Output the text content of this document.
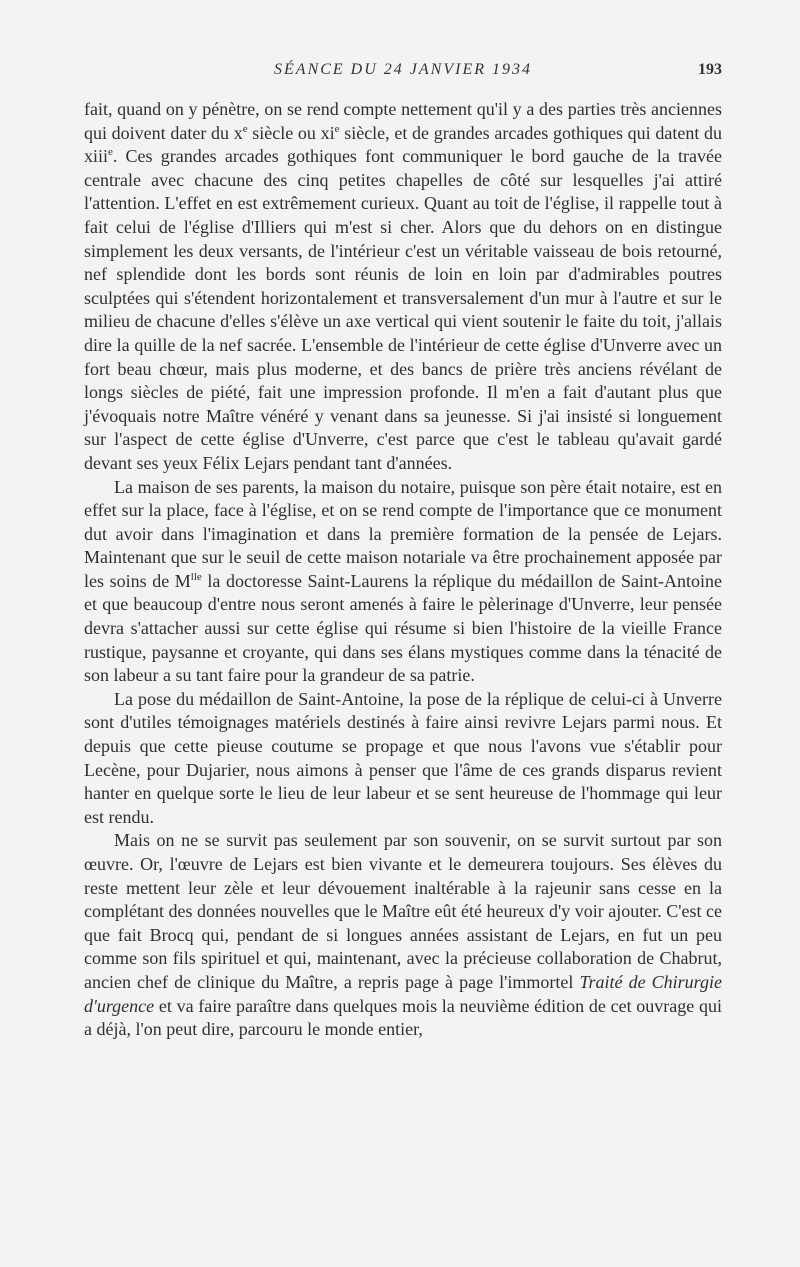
SÉANCE DU 24 JANVIER 1934	193

fait, quand on y pénètre, on se rend compte nettement qu'il y a des parties très anciennes qui doivent dater du $x^e$ siècle ou $xi^e$ siècle, et de grandes arcades gothiques qui datent du xiii$^e$. Ces grandes arcades gothiques font communiquer le bord gauche de la travée centrale avec chacune des cinq petites chapelles de côté sur lesquelles j'ai attiré l'attention. L'effet en est extrêmement curieux. Quant au toit de l'église, il rappelle tout à fait celui de l'église d'Illiers qui m'est si cher. Alors que du dehors on en distingue simplement les deux versants, de l'intérieur c'est un véritable vaisseau de bois retourné, nef splendide dont les bords sont réunis de loin en loin par d'admirables poutres sculptées qui s'étendent horizontalement et transversalement d'un mur à l'autre et sur le milieu de chacune d'elles s'élève un axe vertical qui vient soutenir le faite du toit, j'allais dire la quille de la nef sacrée. L'ensemble de l'intérieur de cette église d'Unverre avec un fort beau chœur, mais plus moderne, et des bancs de prière très anciens révélant de longs siècles de piété, fait une impression profonde. Il m'en a fait d'autant plus que j'évoquais notre Maître vénéré y venant dans sa jeunesse. Si j'ai insisté si longuement sur l'aspect de cette église d'Unverre, c'est parce que c'est le tableau qu'avait gardé devant ses yeux Félix Lejars pendant tant d'années.

La maison de ses parents, la maison du notaire, puisque son père était notaire, est en effet sur la place, face à l'église, et on se rend compte de l'importance que ce monument dut avoir dans l'imagination et dans la première formation de la pensée de Lejars. Maintenant que sur le seuil de cette maison notariale va être prochainement apposée par les soins de $M^{lle}$ la doctoresse Saint-Laurens la réplique du médaillon de Saint-Antoine et que beaucoup d'entre nous seront amenés à faire le pèlerinage d'Unverre, leur pensée devra s'attacher aussi sur cette église qui résume si bien l'histoire de la vieille France rustique, paysanne et croyante, qui dans ses élans mystiques comme dans la ténacité de son labeur a su tant faire pour la grandeur de sa patrie.

La pose du médaillon de Saint-Antoine, la pose de la réplique de celui-ci à Unverre sont d'utiles témoignages matériels destinés à faire ainsi revivre Lejars parmi nous. Et depuis que cette pieuse coutume se propage et que nous l'avons vue s'établir pour Lecène, pour Dujarier, nous aimons à penser que l'âme de ces grands disparus revient hanter en quelque sorte le lieu de leur labeur et se sent heureuse de l'hommage qui leur est rendu.

Mais on ne se survit pas seulement par son souvenir, on se survit surtout par son œuvre. Or, l'œuvre de Lejars est bien vivante et le demeurera toujours. Ses élèves du reste mettent leur zèle et leur dévouement inaltérable à la rajeunir sans cesse en la complétant des données nouvelles que le Maître eût été heureux d'y voir ajouter. C'est ce que fait Brocq qui, pendant de si longues années assistant de Lejars, en fut un peu comme son fils spirituel et qui, maintenant, avec la précieuse collaboration de Chabrut, ancien chef de clinique du Maître, a repris page à page l'immortel Traité de Chirurgie d'urgence et va faire paraître dans quelques mois la neuvième édition de cet ouvrage qui a déjà, l'on peut dire, parcouru le monde entier,
